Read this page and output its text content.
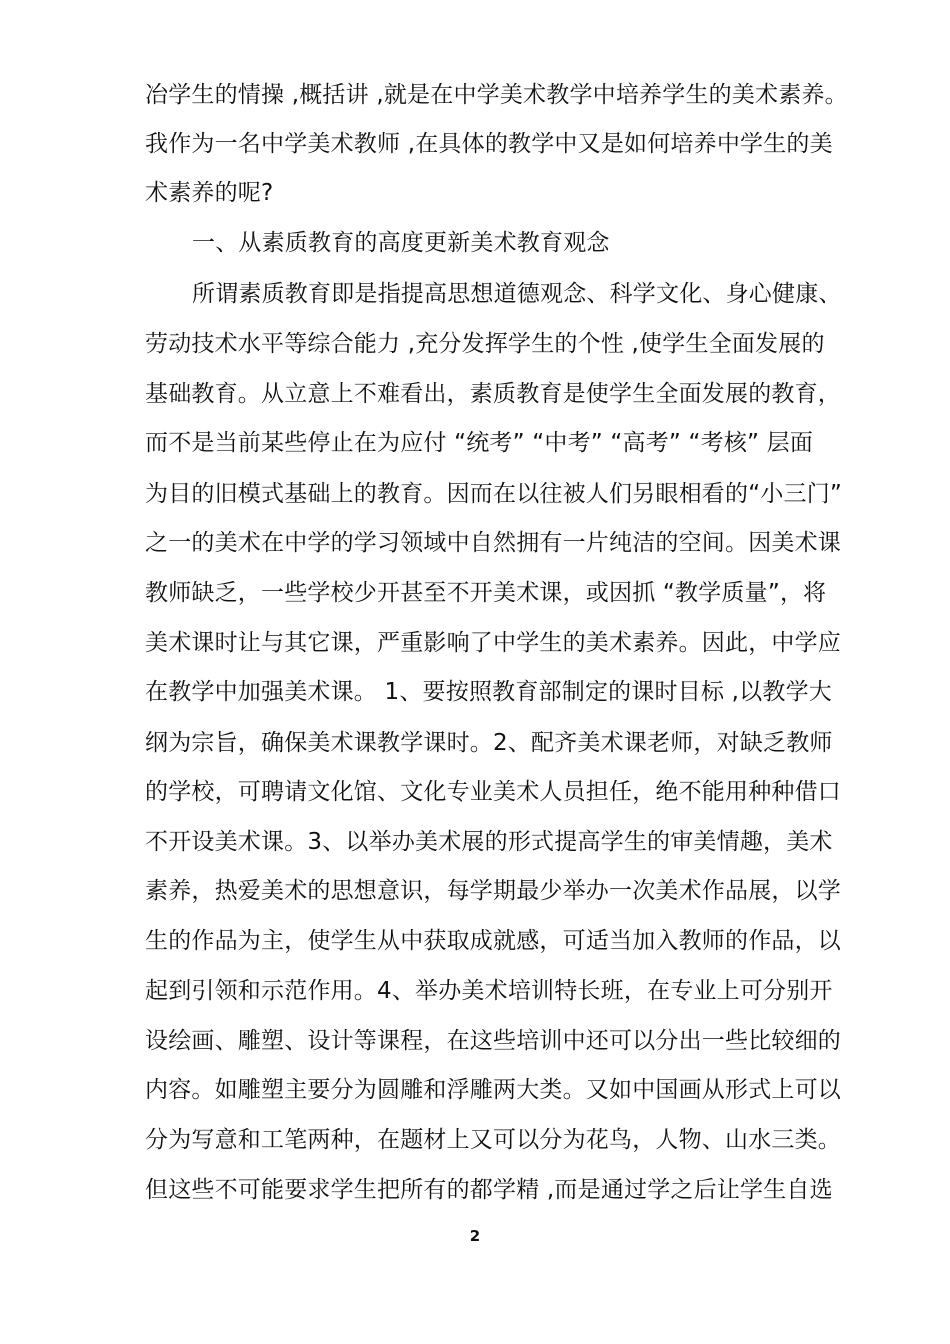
冶学生的情操 ,概括讲 ,就是在中学美术教学中培养学生的美术素养。
我作为一名中学美术教师 ,在具体的教学中又是如何培养中学生的美
术素养的呢?
一、从素质教育的高度更新美术教育观念
所谓素质教育即是指提高思想道德观念、科学文化、身心健康、
劳动技术水平等综合能力 ,充分发挥学生的个性 ,使学生全面发展的
基础教育。从立意上不难看出，素质教育是使学生全面发展的教育，
而不是当前某些停止在为应付 “统考” “中考” “高考” “考核” 层面
为目的旧模式基础上的教育。因而在以往被人们另眼相看的“小三门”
之一的美术在中学的学习领域中自然拥有一片纯洁的空间。因美术课
教师缺乏，一些学校少开甚至不开美术课，或因抓 “教学质量”，将
美术课时让与其它课，严重影响了中学生的美术素养。因此，中学应
在教学中加强美术课。 1、要按照教育部制定的课时目标 ,以教学大
纲为宗旨，确保美术课教学课时。2、配齐美术课老师，对缺乏教师
的学校，可聘请文化馆、文化专业美术人员担任，绝不能用种种借口
不开设美术课。3、以举办美术展的形式提高学生的审美情趣，美术
素养，热爱美术的思想意识，每学期最少举办一次美术作品展，以学
生的作品为主，使学生从中获取成就感，可适当加入教师的作品，以
起到引领和示范作用。4、举办美术培训特长班，在专业上可分别开
设绘画、雕塑、设计等课程，在这些培训中还可以分出一些比较细的
内容。如雕塑主要分为圆雕和浮雕两大类。又如中国画从形式上可以
分为写意和工笔两种，在题材上又可以分为花鸟，人物、山水三类。
但这些不可能要求学生把所有的都学精 ,而是通过学之后让学生自选
2
